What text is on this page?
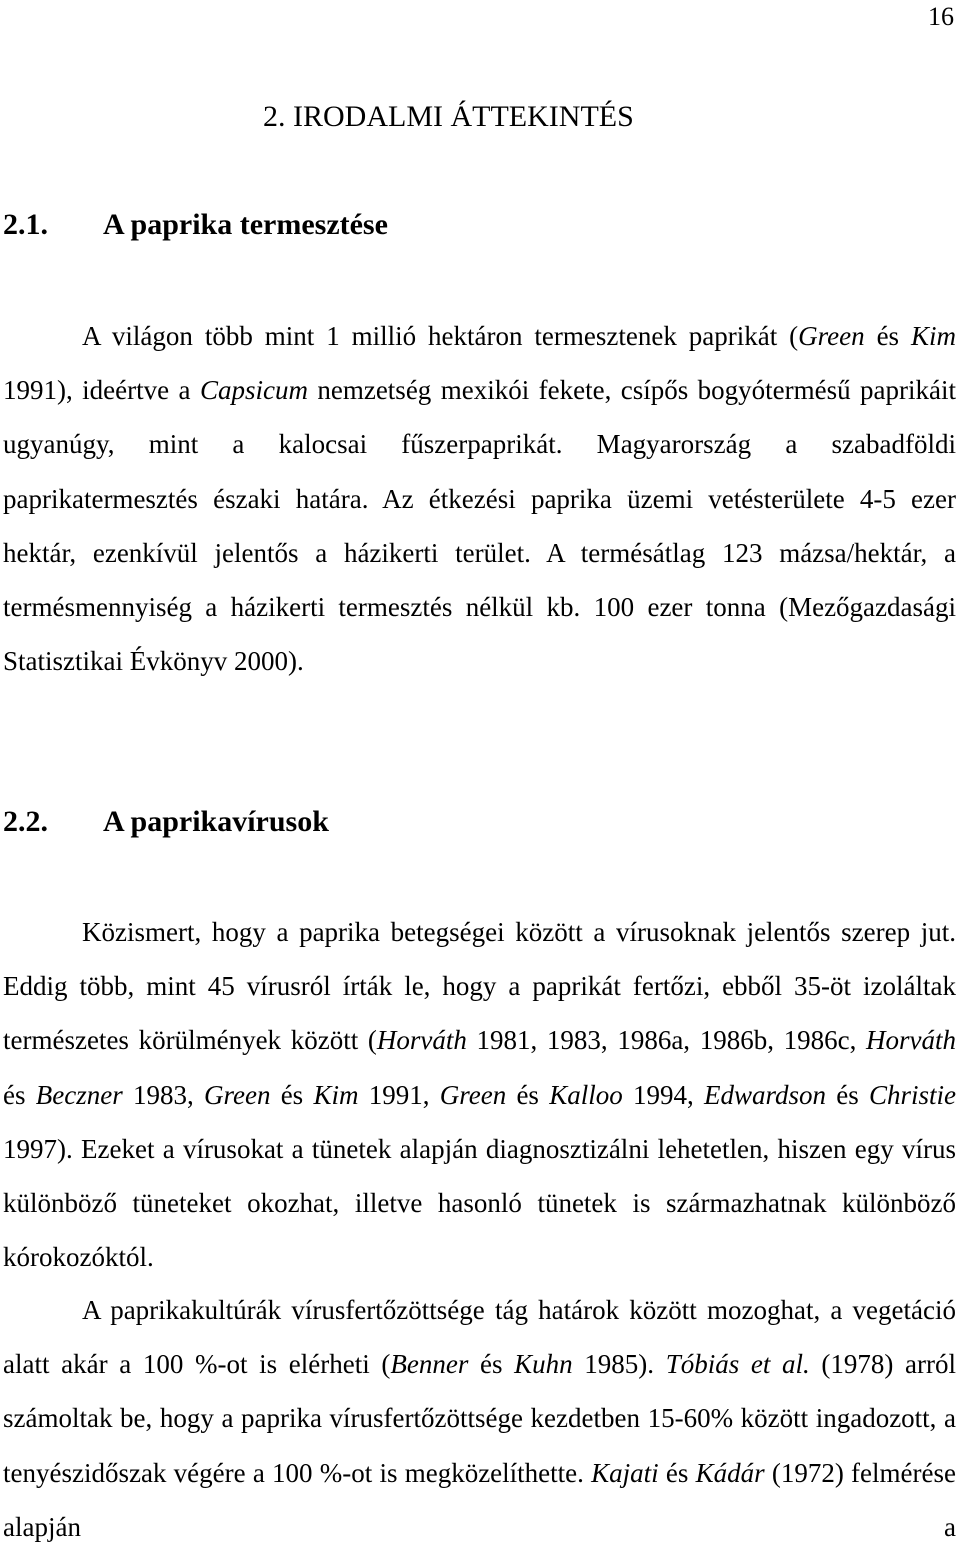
16
2. IRODALMI ÁTTEKINTÉS
2.1. A paprika termesztése

A világon több mint 1 millió hektáron termesztenek paprikát (Green és Kim 1991), ideértve a Capsicum nemzetség mexikói fekete, csípős bogyótermésű paprikáit ugyanúgy, mint a kalocsai fűszerpaprikát. Magyarország a szabadföldi paprikatermesztés északi határa. Az étkezési paprika üzemi vetésterülete 4-5 ezer hektár, ezenkívül jelentős a házikerti terület. A termésátlag 123 mázsa/hektár, a termésmennyiség a házikerti termesztés nélkül kb. 100 ezer tonna (Mezőgazdasági Statisztikai Évkönyv 2000).

2.2. A paprikavírusok

Közismert, hogy a paprika betegségei között a vírusoknak jelentős szerep jut. Eddig több, mint 45 vírusról írták le, hogy a paprikát fertőzi, ebből 35-öt izoláltak természetes körülmények között (Horváth 1981, 1983, 1986a, 1986b, 1986c, Horváth és Beczner 1983, Green és Kim 1991, Green és Kalloo 1994, Edwardson és Christie 1997). Ezeket a vírusokat a tünetek alapján diagnosztizálni lehetetlen, hiszen egy vírus különböző tüneteket okozhat, illetve hasonló tünetek is származhatnak különböző kórokozóktól.

A paprikakultúrák vírusfertőzöttsége tág határok között mozoghat, a vegetáció alatt akár a 100 %-ot is elérheti (Benner és Kuhn 1985). Tóbiás et al. (1978) arról számoltak be, hogy a paprika vírusfertőzöttsége kezdetben 15-60% között ingadozott, a tenyészidőszak végére a 100 %-ot is megközelíthette. Kajati és Kádár (1972) felmérése alapján a
